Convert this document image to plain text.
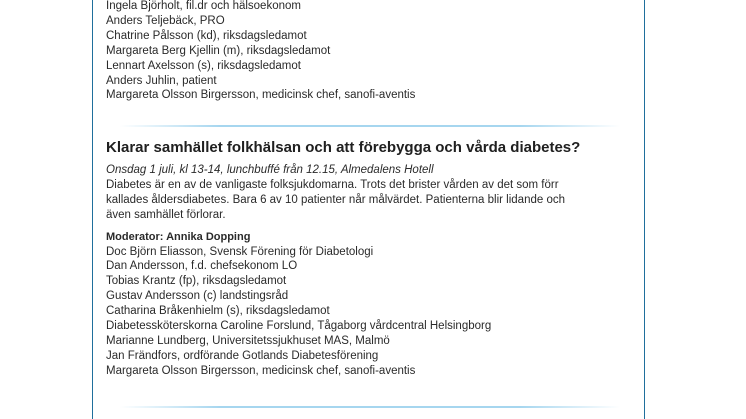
Ingela Björholt, fil.dr och hälsoekonom
Anders Teljebäck, PRO
Chatrine Pålsson (kd), riksdagsledamot
Margareta Berg Kjellin (m), riksdagsledamot
Lennart Axelsson (s), riksdagsledamot
Anders Juhlin, patient
Margareta Olsson Birgersson, medicinsk chef, sanofi-aventis
Klarar samhället folkhälsan och att förebygga och vårda diabetes?
Onsdag 1 juli, kl 13-14, lunchbuffé från 12.15, Almedalens Hotell
Diabetes är en av de vanligaste folksjukdomarna. Trots det brister vården av det som förr
kallades åldersdiabetes. Bara 6 av 10 patienter når målvärdet. Patienterna blir lidande och
även samhället förlorar.
Moderator: Annika Dopping
Doc Björn Eliasson, Svensk Förening för Diabetologi
Dan Andersson, f.d. chefsekonom LO
Tobias Krantz (fp), riksdagsledamot
Gustav Andersson (c) landstingsråd
Catharina Bråkenhielm (s), riksdagsledamot
Diabetessköterskorna Caroline Forslund, Tågaborg vårdcentral Helsingborg
Marianne Lundberg, Universitetssjukhuset MAS, Malmö
Jan Frändfors, ordförande Gotlands Diabetesförening
Margareta Olsson Birgersson, medicinsk chef, sanofi-aventis
